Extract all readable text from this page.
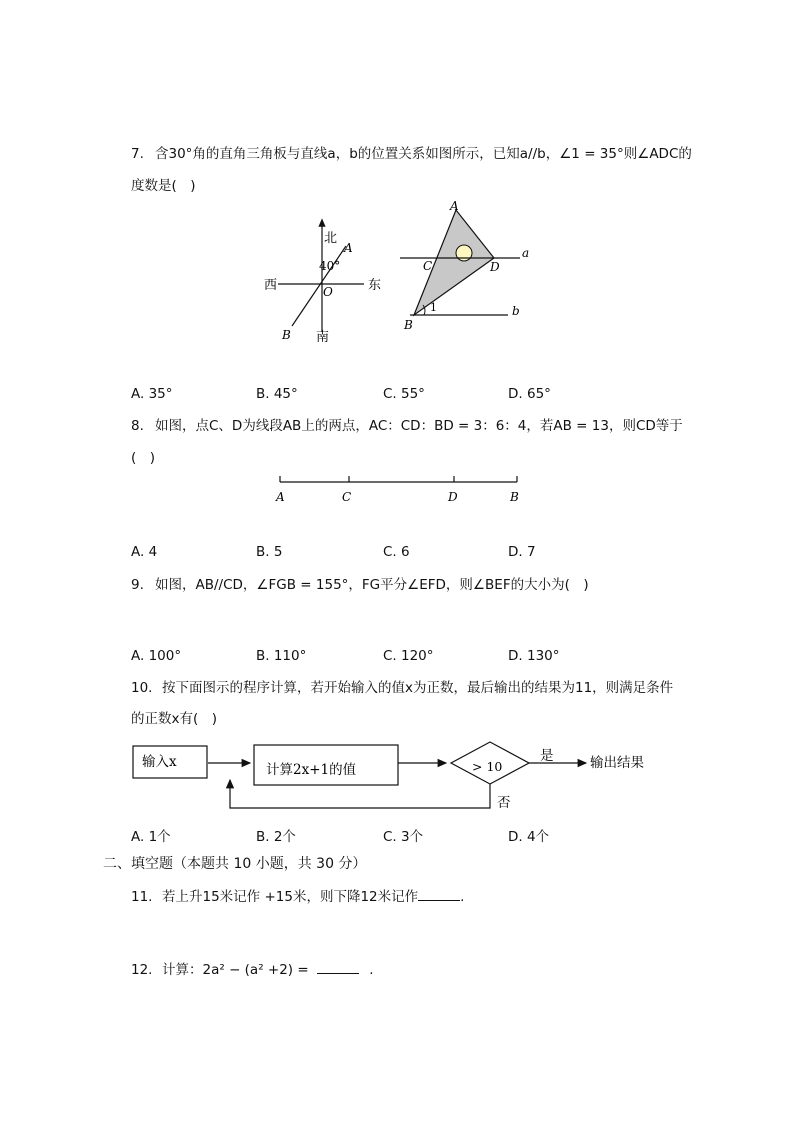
7. 含30°角的直角三角板与直线a，b的位置关系如图所示，已知a//b，∠1 = 35°则∠ADC的
度数是(　)
北
40°
A
西	东
O
B 南
A
C	D
a
b
1
B
A. 35°	B. 45°	C. 55°	D. 65°
8. 如图，点C、D为线段AB上的两点，AC：CD：BD = 3：6：4，若AB = 13，则CD等于
(　)
A	C	D	B
A. 4	B. 5	C. 6	D. 7
9. 如图，AB//CD，∠FGB = 155°，FG平分∠EFD，则∠BEF的大小为(　)
A. 100°	B. 110°	C. 120°	D. 130°
10. 按下面图示的程序计算，若开始输入的值x为正数，最后输出的结果为11，则满足条件
的正数x有(　)
输入x	计算2x+1的值	> 10
是	输出结果
否
A. 1个	B. 2个	C. 3个	D. 4个
二、填空题（本题共 10 小题，共 30 分）
11. 若上升15米记作 +15米，则下降12米记作	.
12. 计算：2a² − (a² +2) =	.
